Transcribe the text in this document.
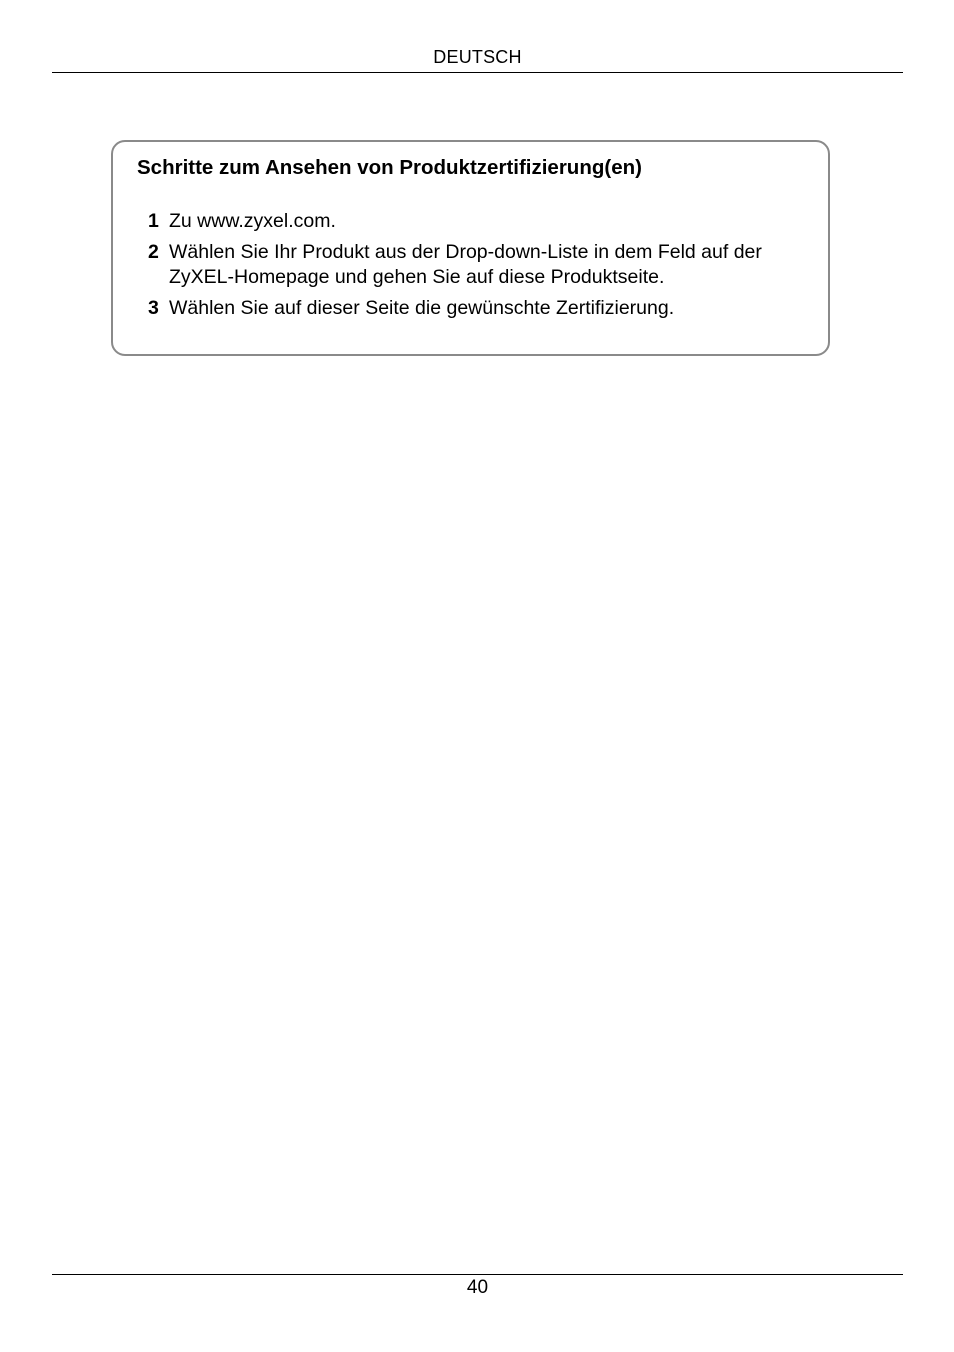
DEUTSCH
Schritte zum Ansehen von Produktzertifizierung(en)
1 Zu www.zyxel.com.
2 Wählen Sie Ihr Produkt aus der Drop-down-Liste in dem Feld auf der ZyXEL-Homepage und gehen Sie auf diese Produktseite.
3 Wählen Sie auf dieser Seite die gewünschte Zertifizierung.
40
